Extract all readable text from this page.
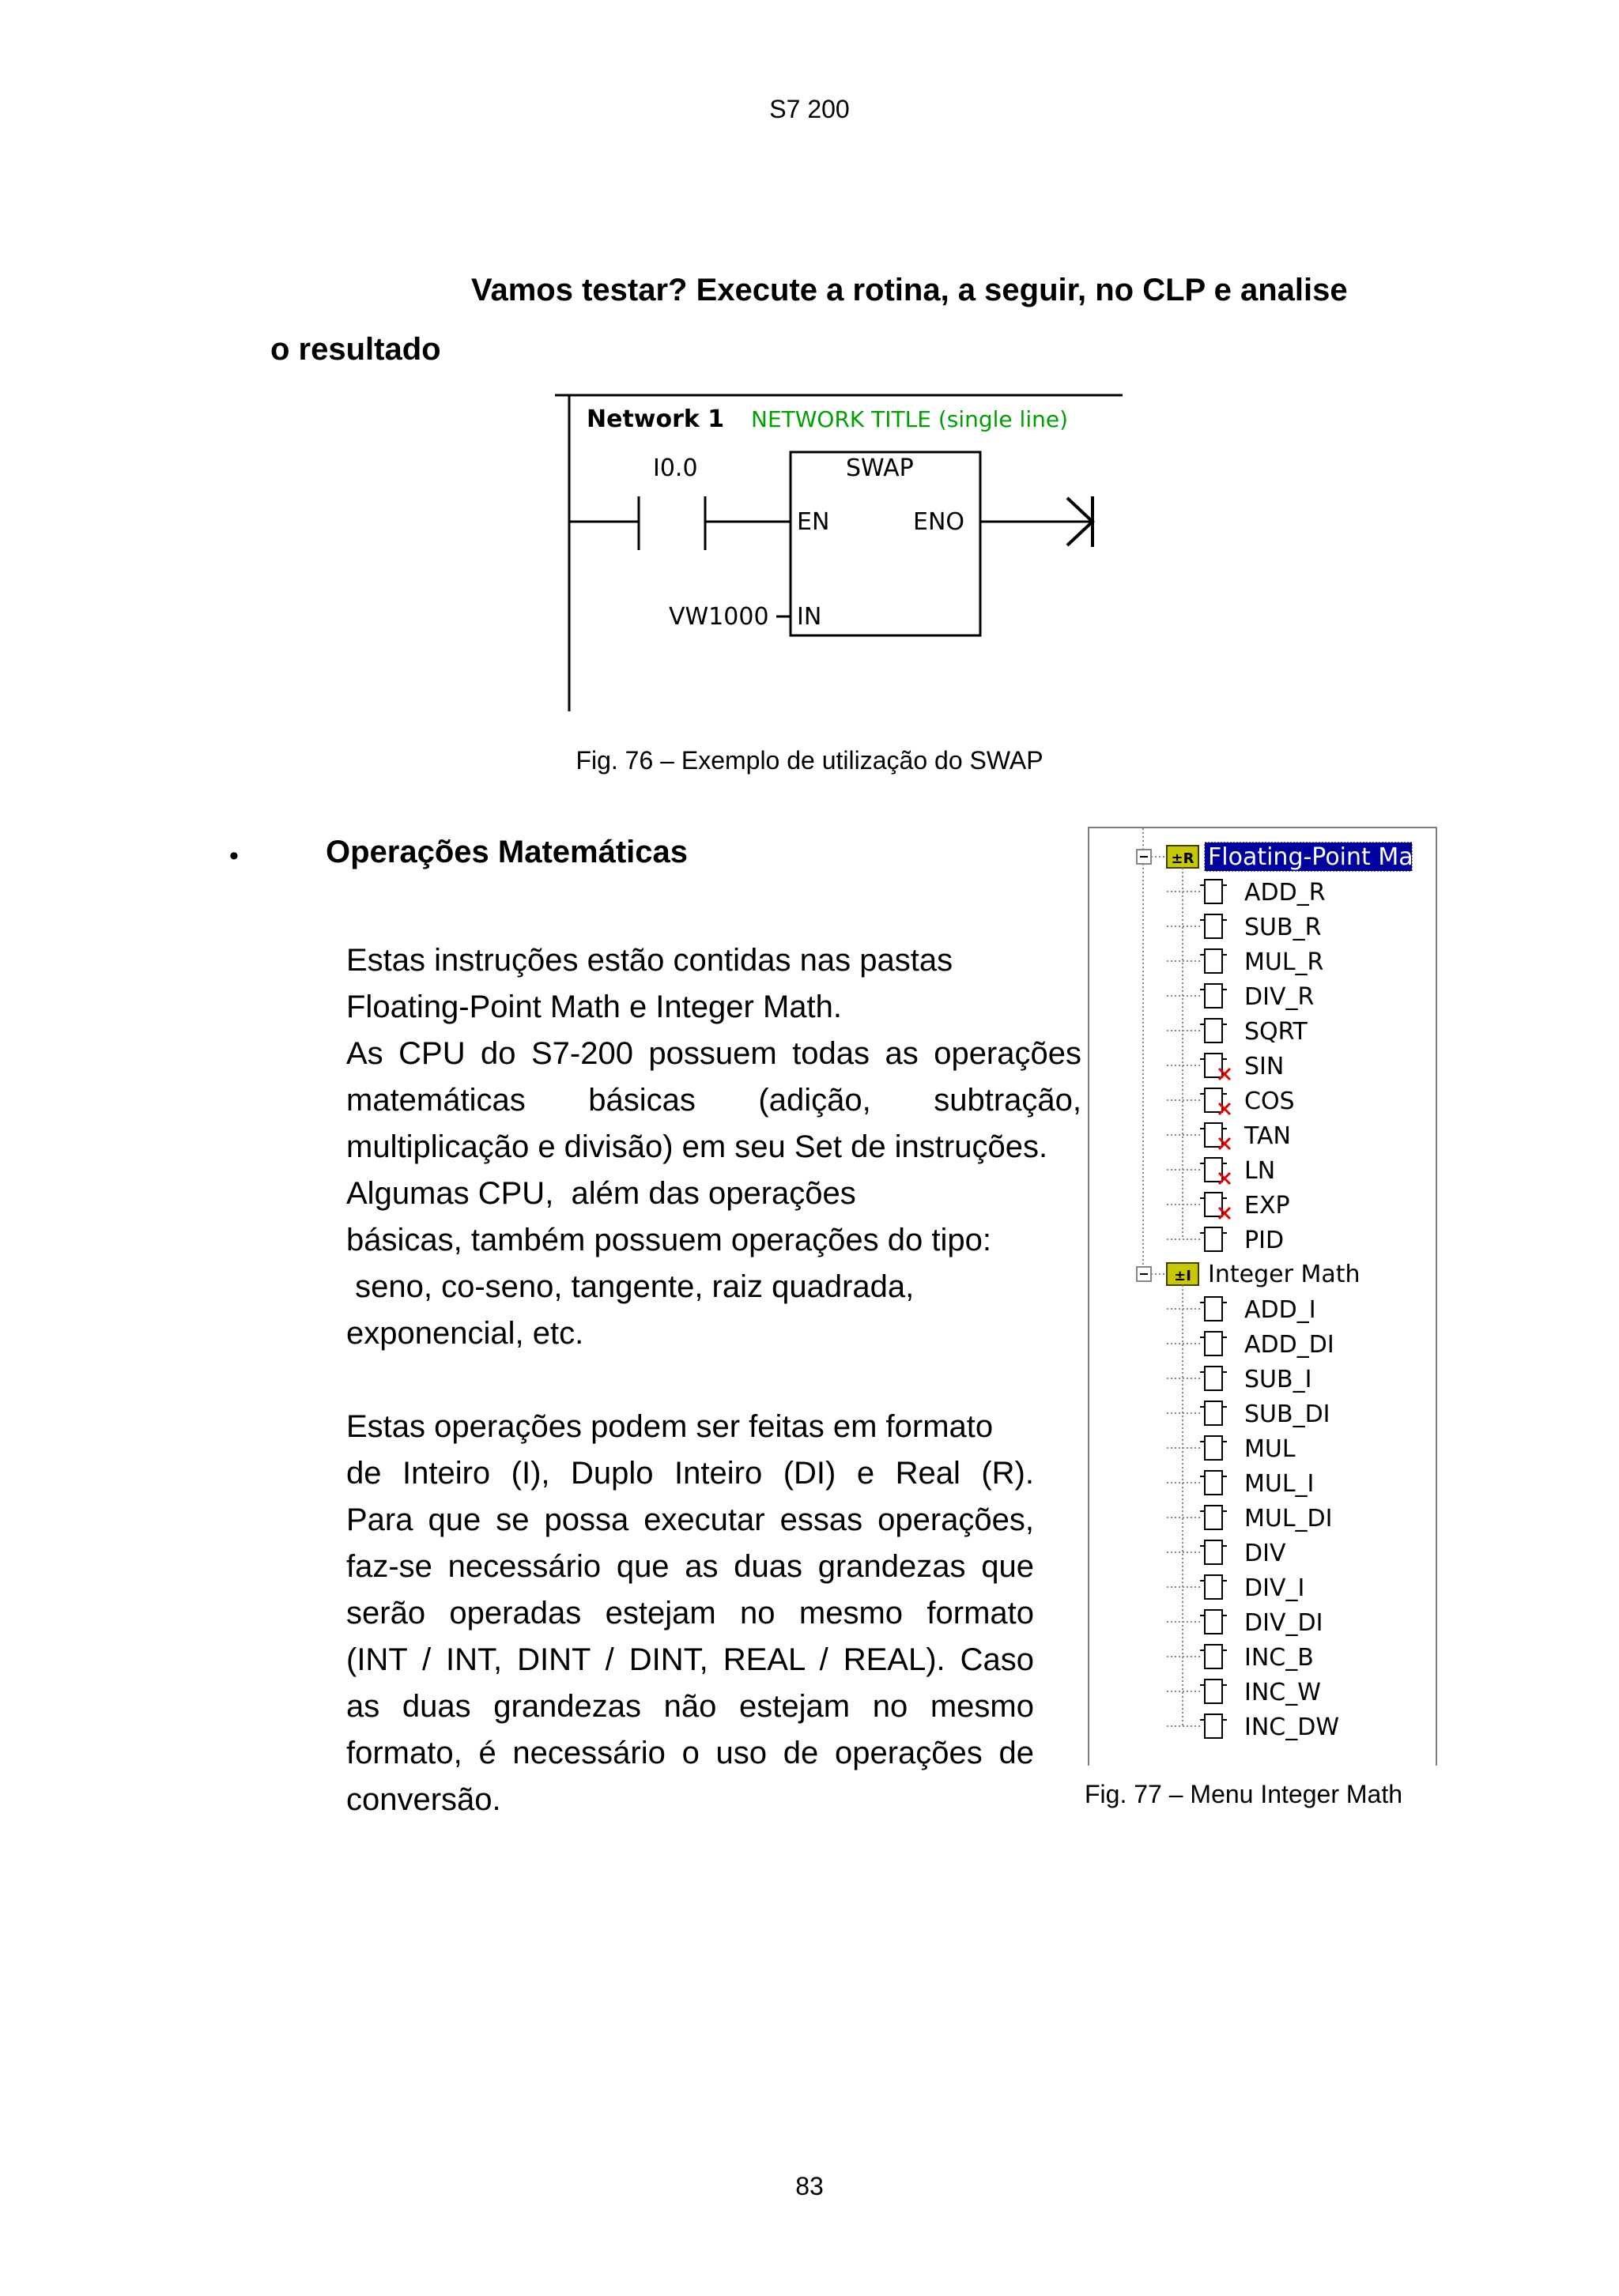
S7 200
Vamos testar? Execute a rotina, a seguir, no CLP e analise
o resultado
Network 1 NETWORK TITLE (single line)
I0.0	SWAP
EN	ENO
IN
VW1000
Fig. 76 – Exemplo de utilização do SWAP
•	Operações Matemáticas
Estas instruções estão contidas nas pastas
Floating-Point Math e Integer Math.
As CPU do S7-200 possuem todas as operações
matemáticas básicas (adição, subtração,
multiplicação e divisão) em seu Set de instruções.
Algumas CPU,  além das operações
básicas, também possuem operações do tipo:
seno, co-seno, tangente, raiz quadrada,
exponencial, etc.
Estas operações podem ser feitas em formato
de Inteiro (I), Duplo Inteiro (DI) e Real (R).
Para que se possa executar essas operações,
faz-se necessário que as duas grandezas que
serão operadas estejam no mesmo formato
(INT / INT, DINT / DINT, REAL / REAL). Caso
as duas grandezas não estejam no mesmo
formato, é necessário o uso de operações de
conversão.
±R Floating-Point Math
ADD_R
SUB_R
MUL_R
DIV_R
SQRT
SIN
COS
TAN
LN
EXP
PID
±I Integer Math
ADD_I
ADD_DI
SUB_I
SUB_DI
MUL
MUL_I
MUL_DI
DIV
DIV_I
DIV_DI
INC_B
INC_W
INC_DW
Fig. 77 – Menu Integer Math
83
